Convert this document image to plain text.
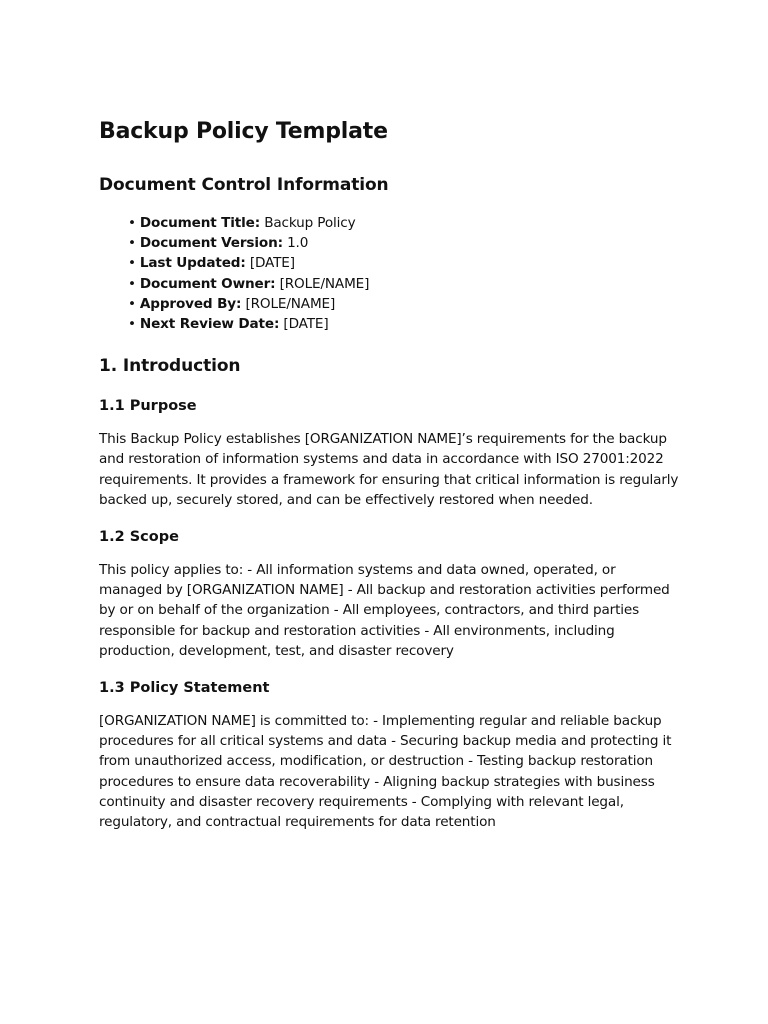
Backup Policy Template
Document Control Information
• Document Title: Backup Policy
• Document Version: 1.0
• Last Updated: [DATE]
• Document Owner: [ROLE/NAME]
• Approved By: [ROLE/NAME]
• Next Review Date: [DATE]
1. Introduction
1.1 Purpose

This Backup Policy establishes [ORGANIZATION NAME]’s requirements for the backup and restoration of information systems and data in accordance with ISO 27001:2022 requirements. It provides a framework for ensuring that critical information is regularly backed up, securely stored, and can be effectively restored when needed.

1.2 Scope

This policy applies to: - All information systems and data owned, operated, or managed by [ORGANIZATION NAME] - All backup and restoration activities performed by or on behalf of the organization - All employees, contractors, and third parties responsible for backup and restoration activities - All environments, including production, development, test, and disaster recovery

1.3 Policy Statement

[ORGANIZATION NAME] is committed to: - Implementing regular and reliable backup procedures for all critical systems and data - Securing backup media and protecting it from unauthorized access, modification, or destruction - Testing backup restoration procedures to ensure data recoverability - Aligning backup strategies with business continuity and disaster recovery requirements - Complying with relevant legal, regulatory, and contractual requirements for data retention
